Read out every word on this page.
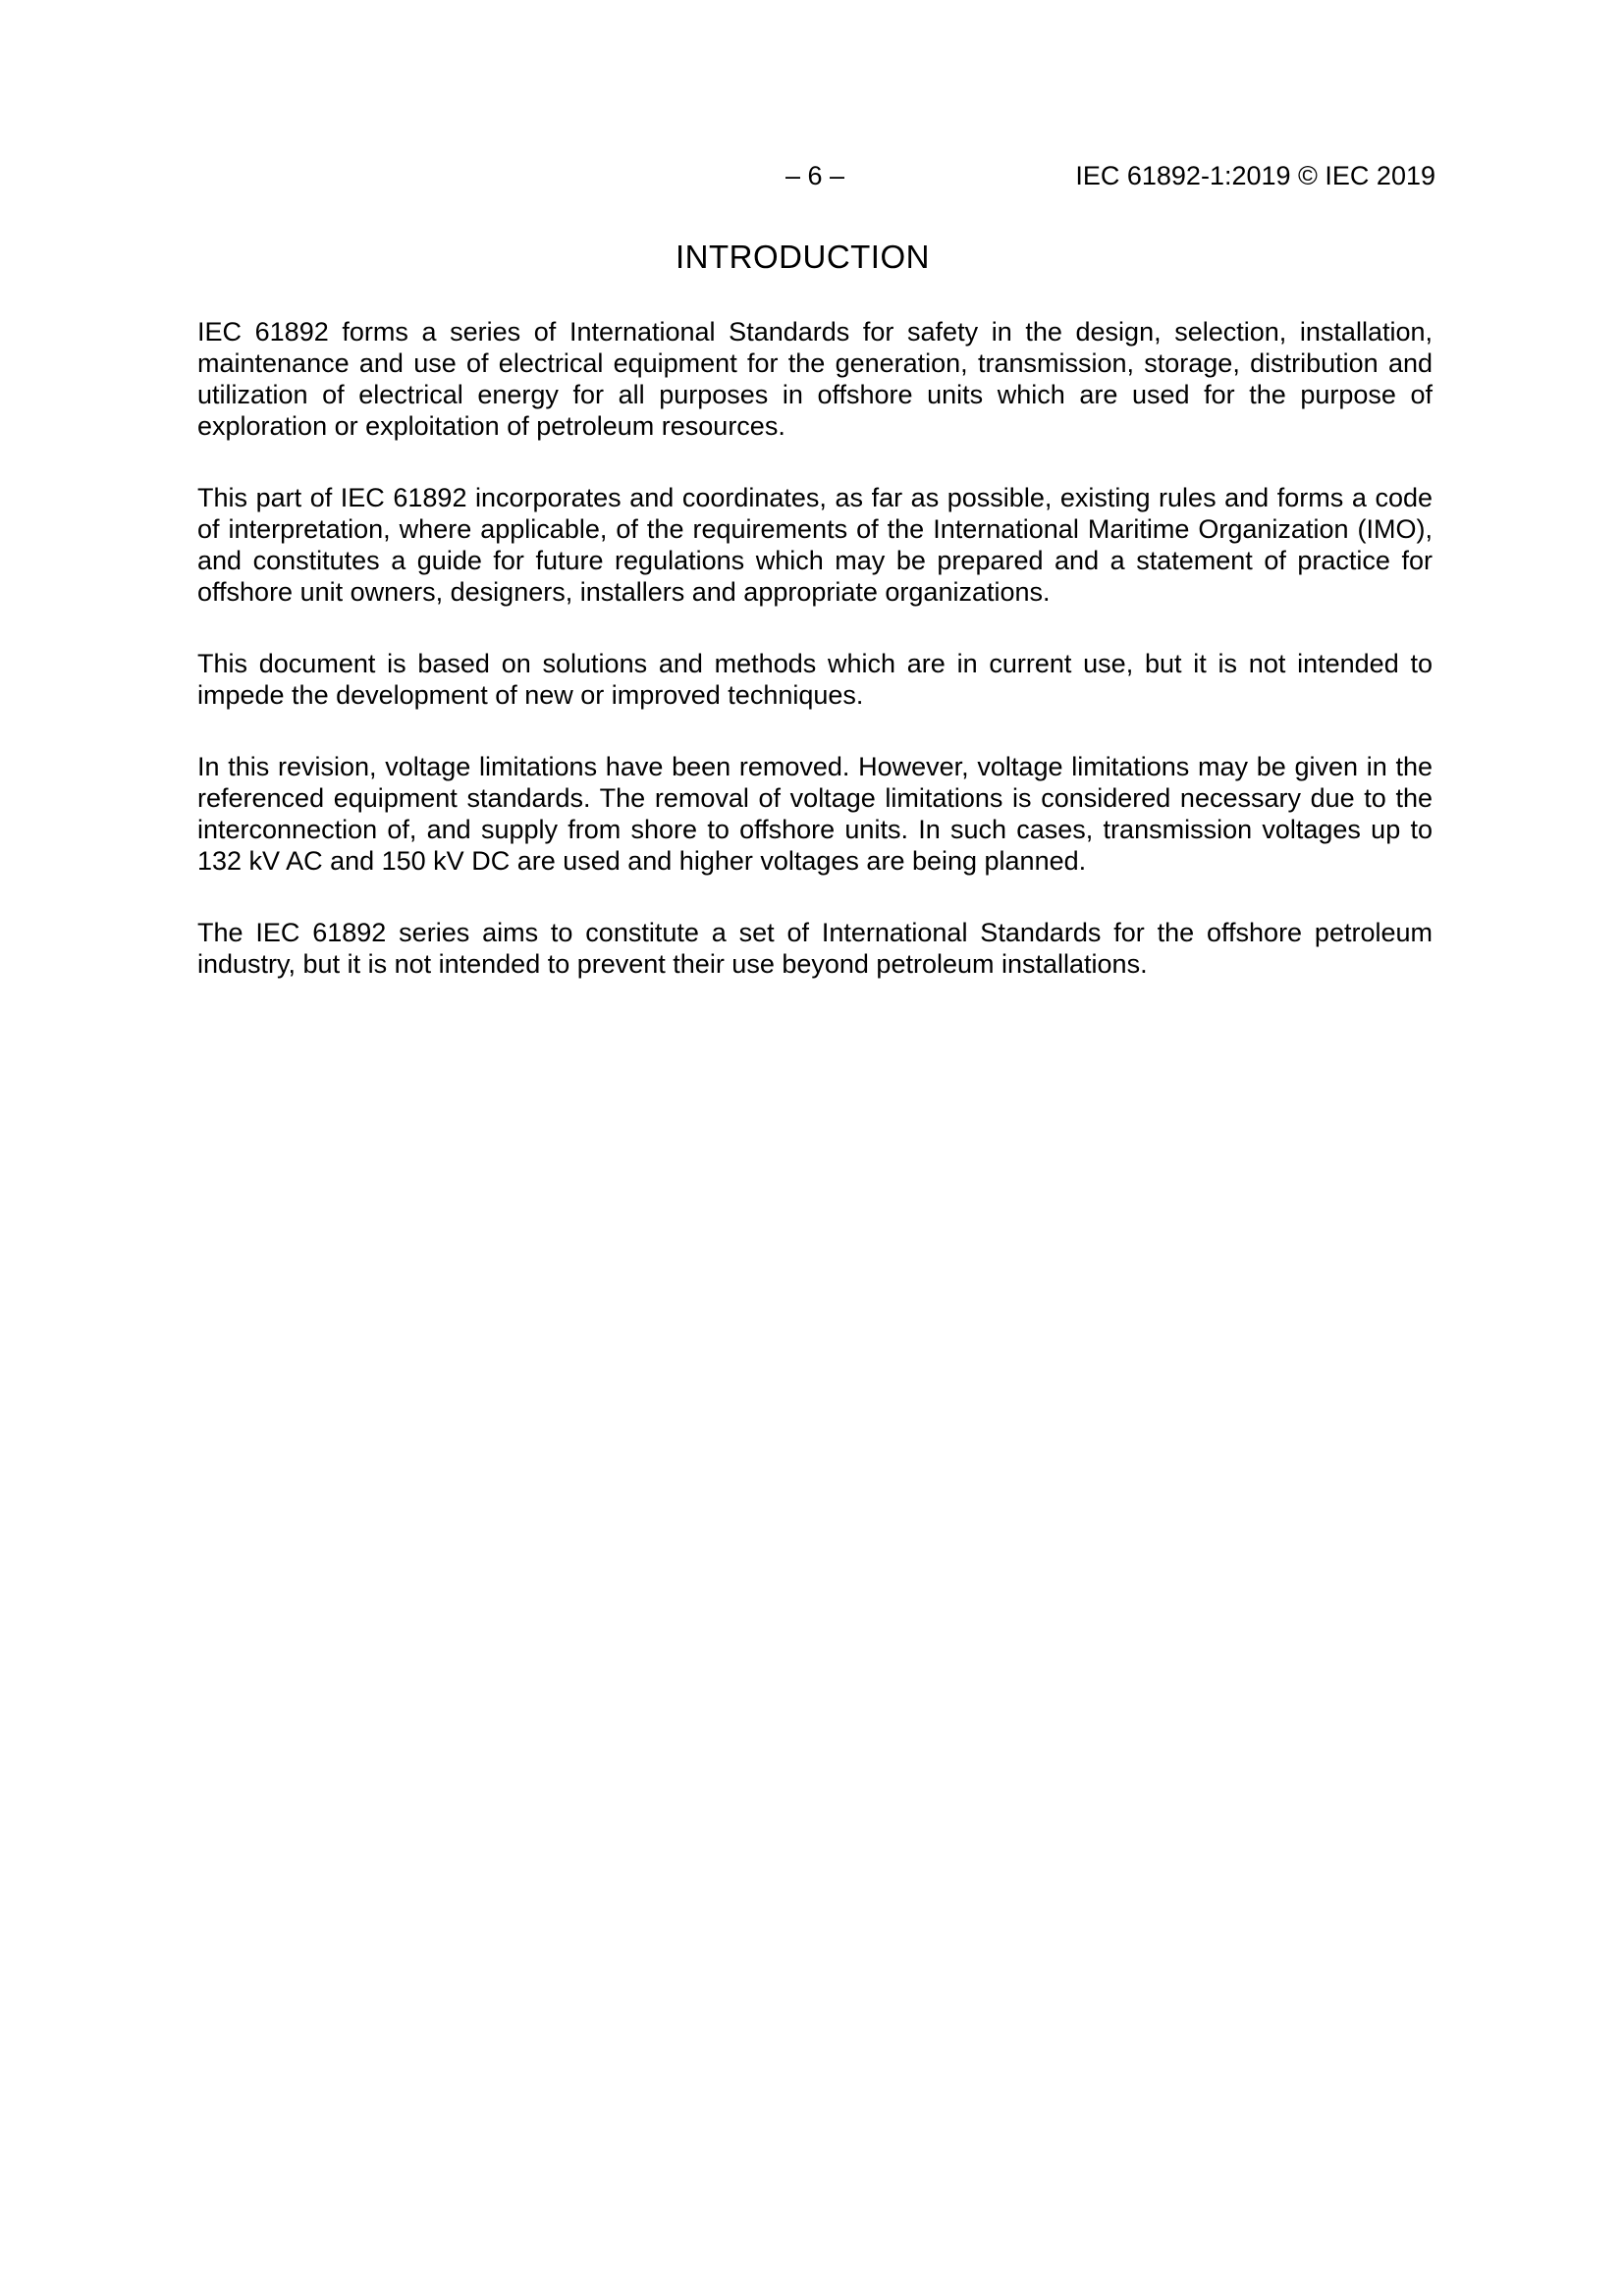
– 6 –	IEC 61892-1:2019 © IEC 2019
INTRODUCTION

IEC 61892 forms a series of International Standards for safety in the design, selection, installation, maintenance and use of electrical equipment for the generation, transmission, storage, distribution and utilization of electrical energy for all purposes in offshore units which are used for the purpose of exploration or exploitation of petroleum resources.

This part of IEC 61892 incorporates and coordinates, as far as possible, existing rules and forms a code of interpretation, where applicable, of the requirements of the International Maritime Organization (IMO), and constitutes a guide for future regulations which may be prepared and a statement of practice for offshore unit owners, designers, installers and appropriate organizations.

This document is based on solutions and methods which are in current use, but it is not intended to impede the development of new or improved techniques.

In this revision, voltage limitations have been removed. However, voltage limitations may be given in the referenced equipment standards. The removal of voltage limitations is considered necessary due to the interconnection of, and supply from shore to offshore units. In such cases, transmission voltages up to 132 kV AC and 150 kV DC are used and higher voltages are being planned.

The IEC 61892 series aims to constitute a set of International Standards for the offshore petroleum industry, but it is not intended to prevent their use beyond petroleum installations.
